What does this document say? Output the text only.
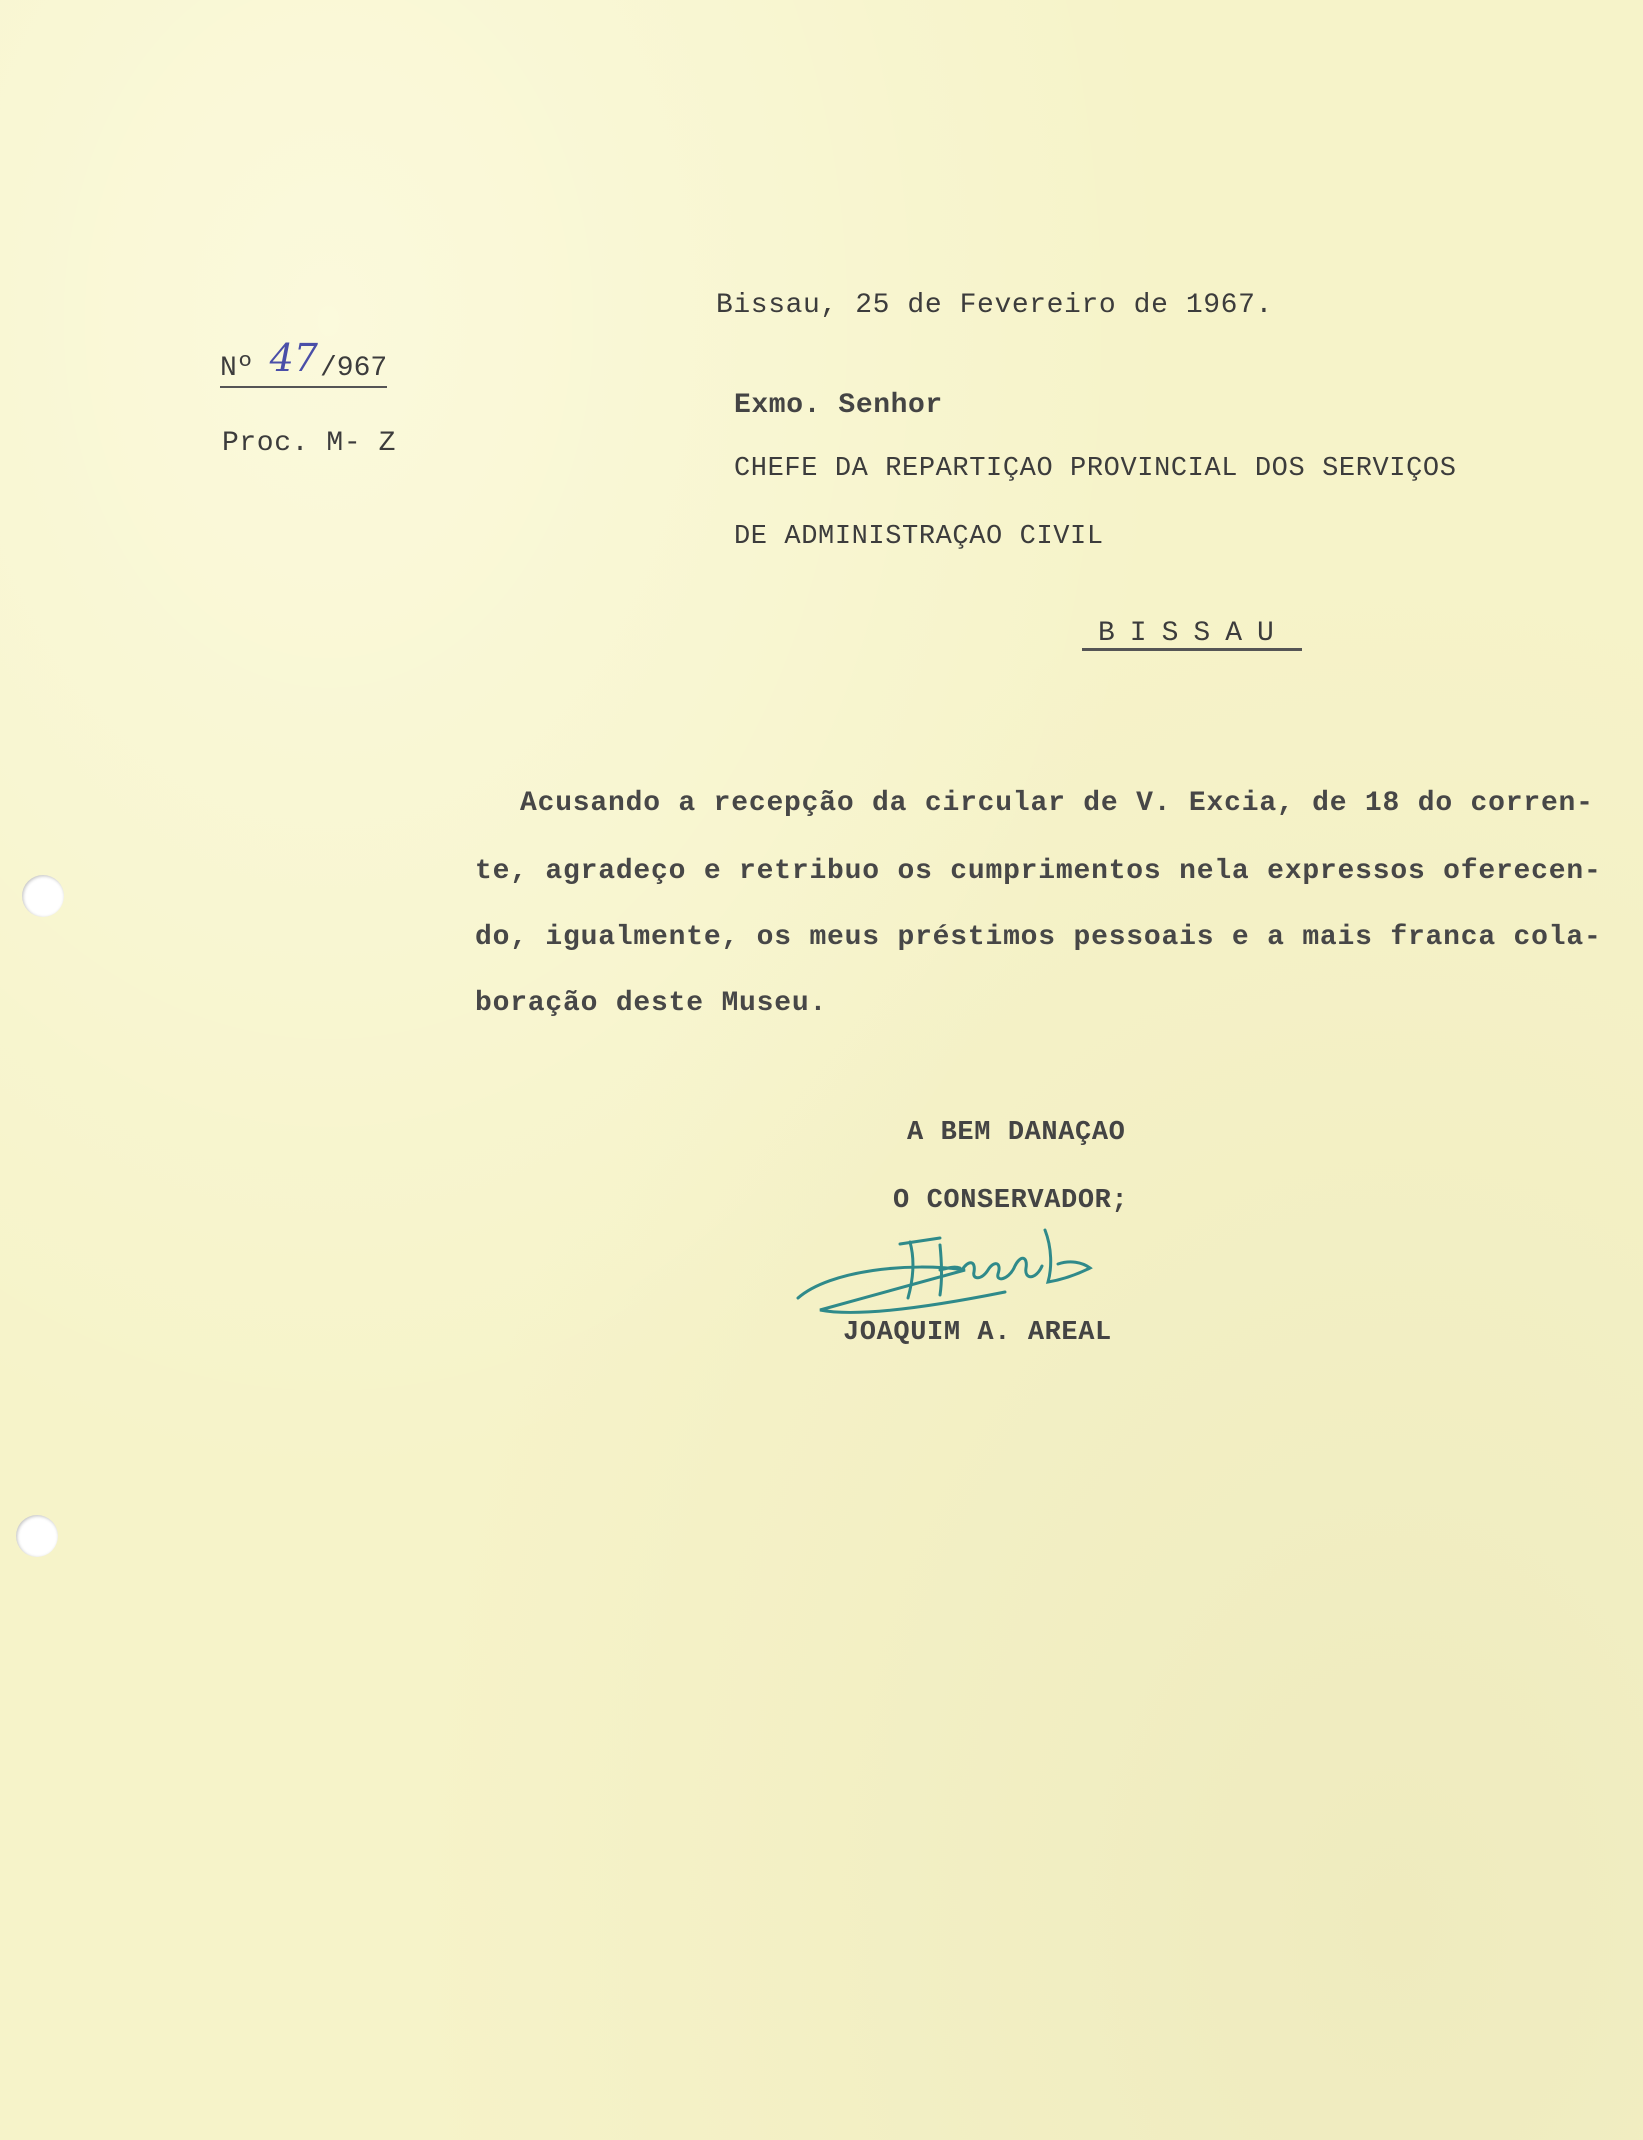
Bissau, 25 de Fevereiro de 1967.
Nº 47/967
Proc. M- Z
Exmo. Senhor
CHEFE DA REPARTIÇAO PROVINCIAL DOS SERVIÇOS
DE ADMINISTRAÇAO CIVIL
BISSAU
Acusando a recepção da circular de V. Excia, de 18 do corren-
te, agradeço e retribuo os cumprimentos nela expressos oferecen-
do, igualmente, os meus préstimos pessoais e a mais franca cola-
boração deste Museu.
A BEM DANAÇAO
O CONSERVADOR;
JOAQUIM A. AREAL
